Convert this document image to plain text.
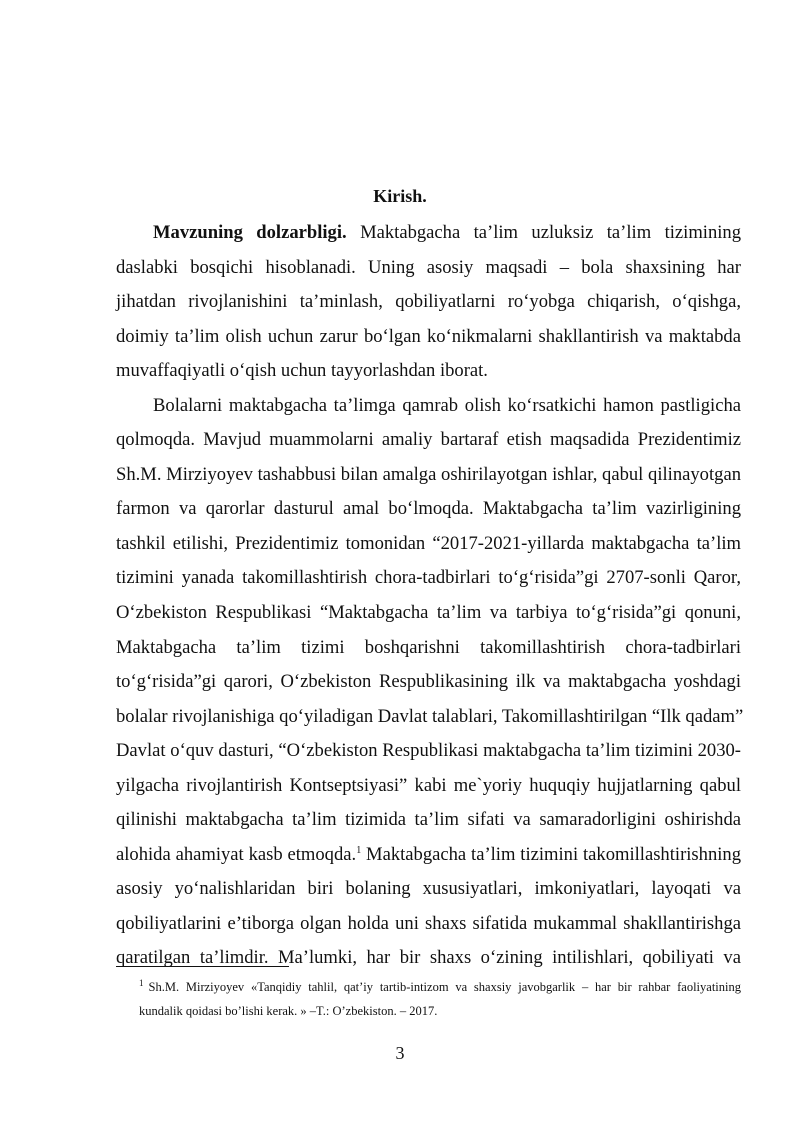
Kirish.
Mavzuning dolzarbligi. Maktabgacha ta’lim uzluksiz ta’lim tizimining
daslabki bosqichi hisoblanadi. Uning asosiy maqsadi – bola shaxsining har
jihatdan rivojlanishini ta’minlash, qobiliyatlarni ro‘yobga chiqarish, o‘qishga,
doimiy ta’lim olish uchun zarur bo‘lgan ko‘nikmalarni shakllantirish va maktabda
muvaffaqiyatli o‘qish uchun tayyorlashdan iborat.
Bolalarni maktabgacha ta’limga qamrab olish ko‘rsatkichi hamon pastligicha
qolmoqda. Mavjud muammolarni amaliy bartaraf etish maqsadida Prezidentimiz
Sh.M. Mirziyoyev tashabbusi bilan amalga oshirilayotgan ishlar, qabul qilinayotgan
farmon va qarorlar dasturul amal bo‘lmoqda. Maktabgacha ta’lim vazirligining
tashkil etilishi, Prezidentimiz tomonidan “2017-2021-yillarda maktabgacha ta’lim
tizimini yanada takomillashtirish chora-tadbirlari to‘g‘risida”gi 2707-sonli Qaror,
O‘zbekiston Respublikasi “Maktabgacha ta’lim va tarbiya to‘g‘risida”gi qonuni,
Maktabgacha ta’lim tizimi boshqarishni takomillashtirish chora-tadbirlari
to‘g‘risida”gi qarori, O‘zbekiston Respublikasining ilk va maktabgacha yoshdagi
bolalar rivojlanishiga qo‘yiladigan Davlat talablari, Takomillashtirilgan “Ilk qadam”
Davlat o‘quv dasturi, “O‘zbekiston Respublikasi maktabgacha ta’lim tizimini 2030-
yilgacha rivojlantirish Kontseptsiyasi” kabi me`yoriy huquqiy hujjatlarning qabul
qilinishi maktabgacha ta’lim tizimida ta’lim sifati va samaradorligini oshirishda
alohida ahamiyat kasb etmoqda.$^1$ Maktabgacha ta’lim tizimini takomillashtirishning
asosiy yo‘nalishlaridan biri bolaning xususiyatlari, imkoniyatlari, layoqati va
qobiliyatlarini e’tiborga olgan holda uni shaxs sifatida mukammal shakllantirishga
qaratilgan ta’limdir. Ma’lumki, har bir shaxs o‘zining intilishlari, qobiliyati va
$^1$ Sh.M. Mirziyoyev «Tanqidiy tahlil, qat’iy tartib-intizom va shaxsiy javobgarlik – har bir rahbar faoliyatining
kundalik qoidasi bo’lishi kerak. » –T.: O’zbekiston. – 2017.
3
